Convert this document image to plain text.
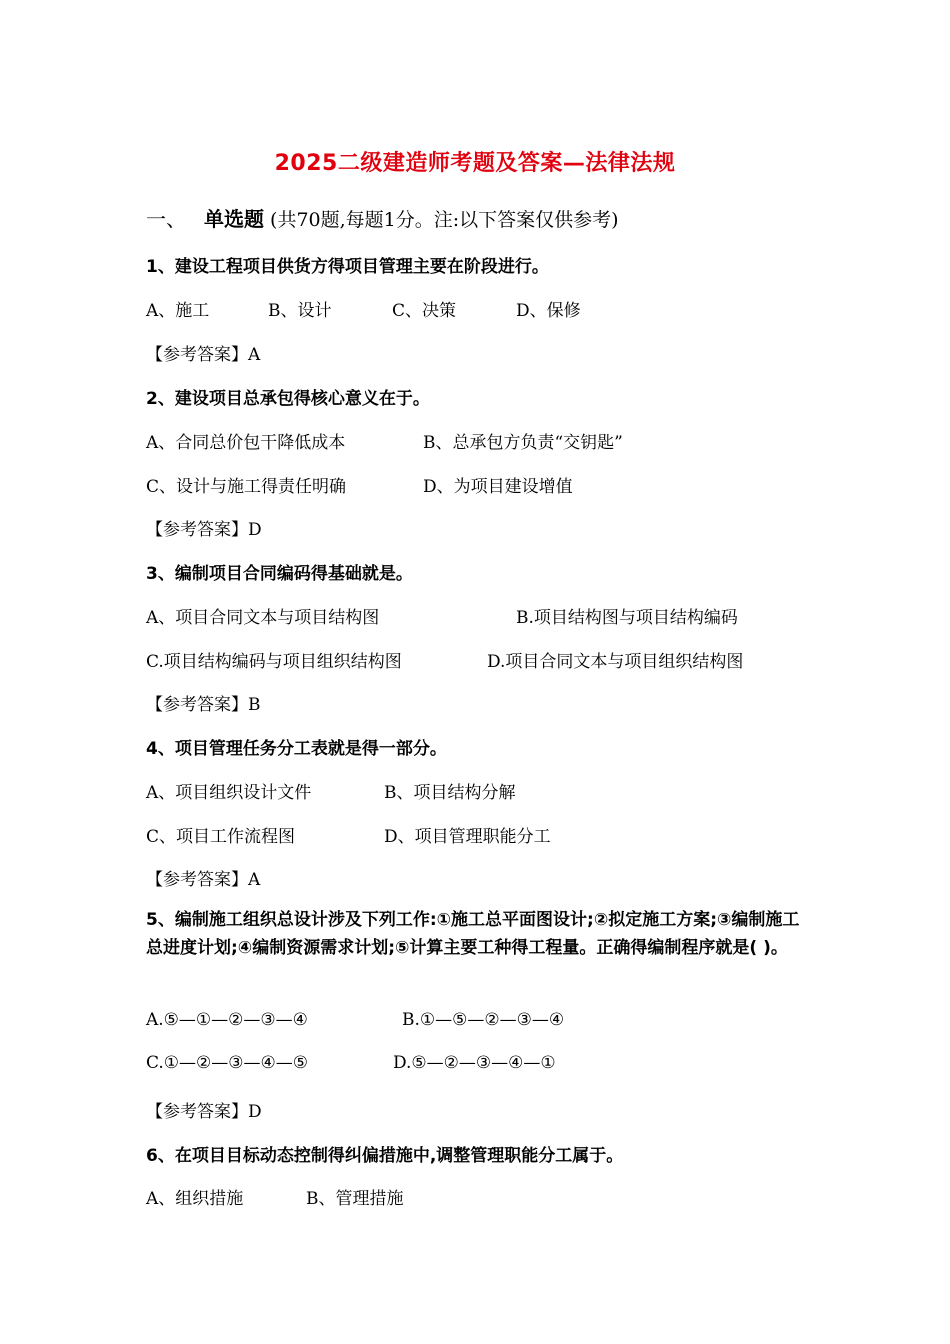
2025二级建造师考题及答案—法律法规
一、 单选题 (共70题,每题1分。注:以下答案仅供参考)
1、建设工程项目供货方得项目管理主要在阶段进行。
A、施工	B、设计	C、决策	D、保修
【参考答案】A
2、建设项目总承包得核心意义在于。
A、合同总价包干降低成本	B、总承包方负责“交钥匙”
C、设计与施工得责任明确	D、为项目建设增值
【参考答案】D
3、编制项目合同编码得基础就是。
A、项目合同文本与项目结构图	B.项目结构图与项目结构编码
C.项目结构编码与项目组织结构图	D.项目合同文本与项目组织结构图
【参考答案】B
4、项目管理任务分工表就是得一部分。
A、项目组织设计文件	B、项目结构分解
C、项目工作流程图	D、项目管理职能分工
【参考答案】A
5、编制施工组织总设计涉及下列工作:①施工总平面图设计;②拟定施工方案;③编制施工总进度计划;④编制资源需求计划;⑤计算主要工种得工程量。正确得编制程序就是( )。
A.⑤—①—②—③—④	B.①—⑤—②—③—④
C.①—②—③—④—⑤	D.⑤—②—③—④—①
【参考答案】D
6、在项目目标动态控制得纠偏措施中,调整管理职能分工属于。
A、组织措施	B、管理措施
